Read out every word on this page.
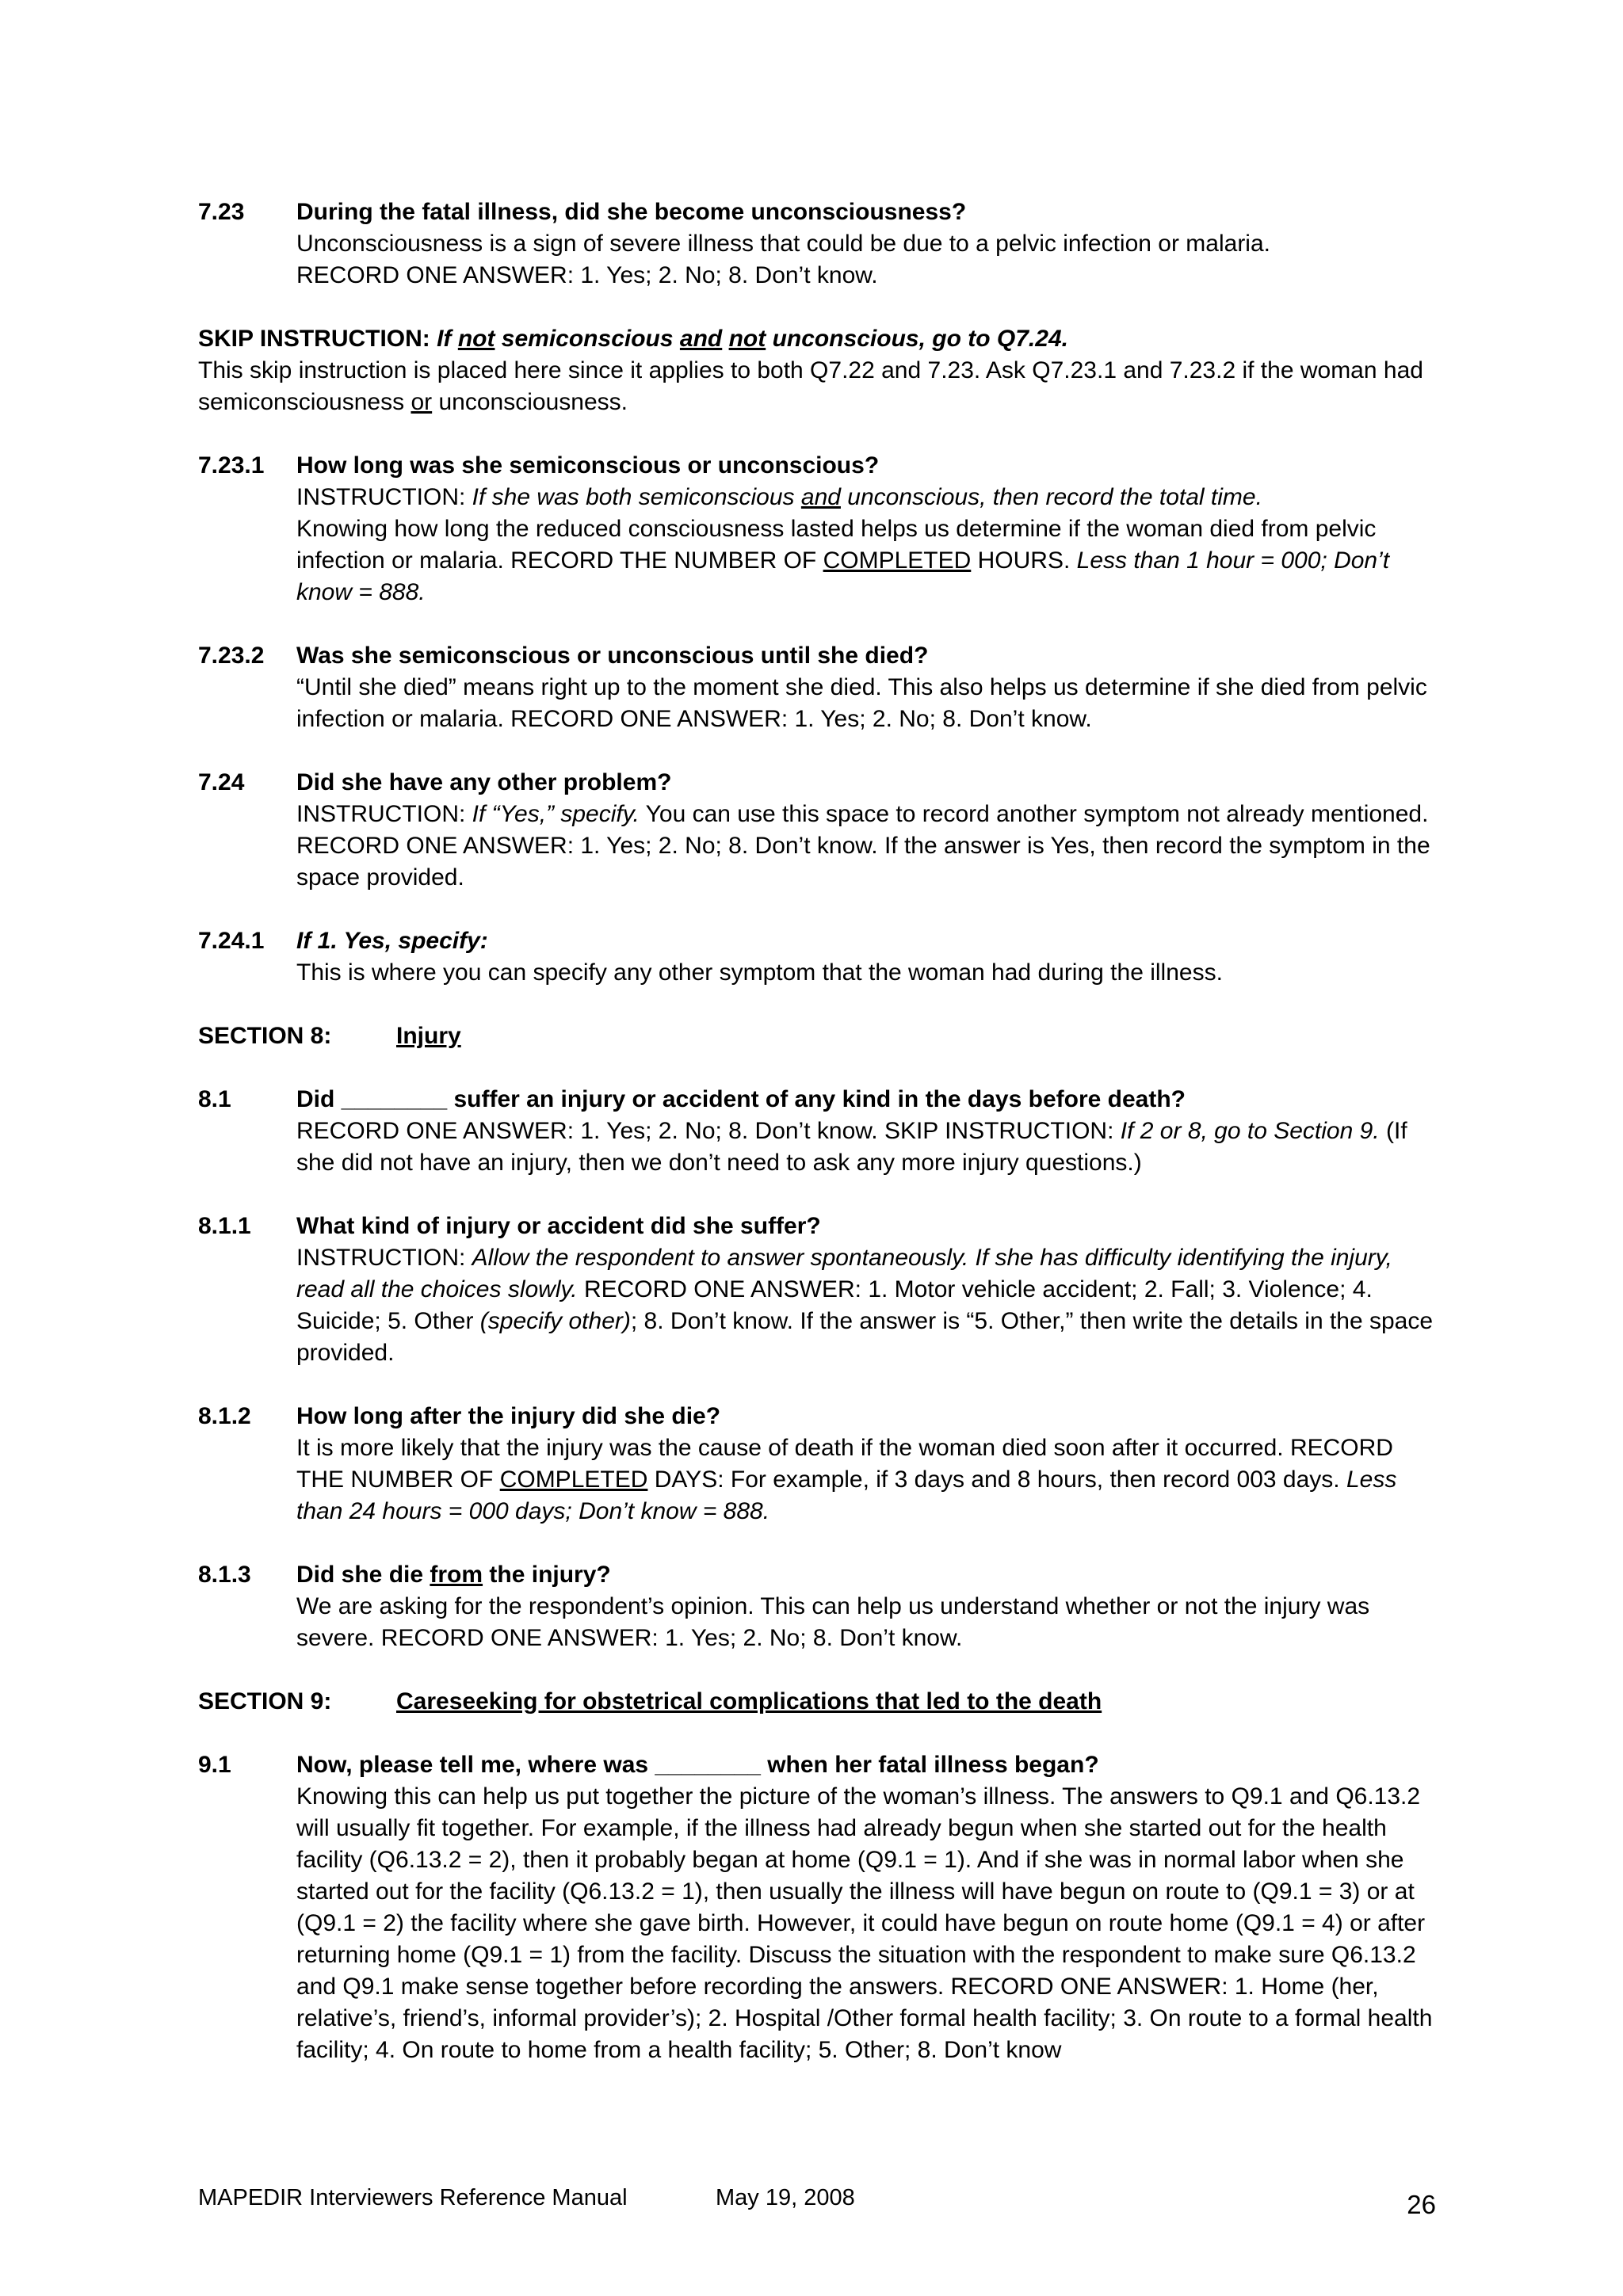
7.23	During the fatal illness, did she become unconsciousness?
Unconsciousness is a sign of severe illness that could be due to a pelvic infection or malaria.
RECORD ONE ANSWER: 1. Yes; 2. No; 8. Don’t know.
SKIP INSTRUCTION: If not semiconscious and not unconscious, go to Q7.24.
This skip instruction is placed here since it applies to both Q7.22 and 7.23. Ask Q7.23.1 and 7.23.2 if the woman had semiconsciousness or unconsciousness.
7.23.1	How long was she semiconscious or unconscious?
INSTRUCTION: If she was both semiconscious and unconscious, then record the total time.
Knowing how long the reduced consciousness lasted helps us determine if the woman died from pelvic infection or malaria. RECORD THE NUMBER OF COMPLETED HOURS. Less than 1 hour = 000; Don’t know = 888.
7.23.2	Was she semiconscious or unconscious until she died?
“Until she died” means right up to the moment she died. This also helps us determine if she died from pelvic infection or malaria. RECORD ONE ANSWER: 1. Yes; 2. No; 8. Don’t know.
7.24	Did she have any other problem?
INSTRUCTION: If “Yes,” specify. You can use this space to record another symptom not already mentioned. RECORD ONE ANSWER: 1. Yes; 2. No; 8. Don’t know. If the answer is Yes, then record the symptom in the space provided.
7.24.1	If 1. Yes, specify:
This is where you can specify any other symptom that the woman had during the illness.
SECTION 8:	Injury
8.1	Did ________ suffer an injury or accident of any kind in the days before death?
RECORD ONE ANSWER: 1. Yes; 2. No; 8. Don’t know. SKIP INSTRUCTION: If 2 or 8, go to Section 9. (If she did not have an injury, then we don’t need to ask any more injury questions.)
8.1.1	What kind of injury or accident did she suffer?
INSTRUCTION: Allow the respondent to answer spontaneously. If she has difficulty identifying the injury, read all the choices slowly. RECORD ONE ANSWER: 1. Motor vehicle accident; 2. Fall; 3. Violence; 4. Suicide; 5. Other (specify other); 8. Don’t know. If the answer is “5. Other,” then write the details in the space provided.
8.1.2	How long after the injury did she die?
It is more likely that the injury was the cause of death if the woman died soon after it occurred. RECORD THE NUMBER OF COMPLETED DAYS: For example, if 3 days and 8 hours, then record 003 days. Less than 24 hours = 000 days; Don’t know = 888.
8.1.3	Did she die from the injury?
We are asking for the respondent’s opinion. This can help us understand whether or not the injury was severe. RECORD ONE ANSWER: 1. Yes; 2. No; 8. Don’t know.
SECTION 9:	Careseeking for obstetrical complications that led to the death
9.1	Now, please tell me, where was ________ when her fatal illness began?
Knowing this can help us put together the picture of the woman’s illness. The answers to Q9.1 and Q6.13.2 will usually fit together. For example, if the illness had already begun when she started out for the health facility (Q6.13.2 = 2), then it probably began at home (Q9.1 = 1). And if she was in normal labor when she started out for the facility (Q6.13.2 = 1), then usually the illness will have begun on route to (Q9.1 = 3) or at (Q9.1 = 2) the facility where she gave birth. However, it could have begun on route home (Q9.1 = 4) or after returning home (Q9.1 = 1) from the facility. Discuss the situation with the respondent to make sure Q6.13.2 and Q9.1 make sense together before recording the answers. RECORD ONE ANSWER: 1. Home (her, relative’s, friend’s, informal provider’s); 2. Hospital /Other formal health facility; 3. On route to a formal health facility; 4. On route to home from a health facility; 5. Other; 8. Don’t know
MAPEDIR Interviewers Reference Manual	May 19, 2008	26
